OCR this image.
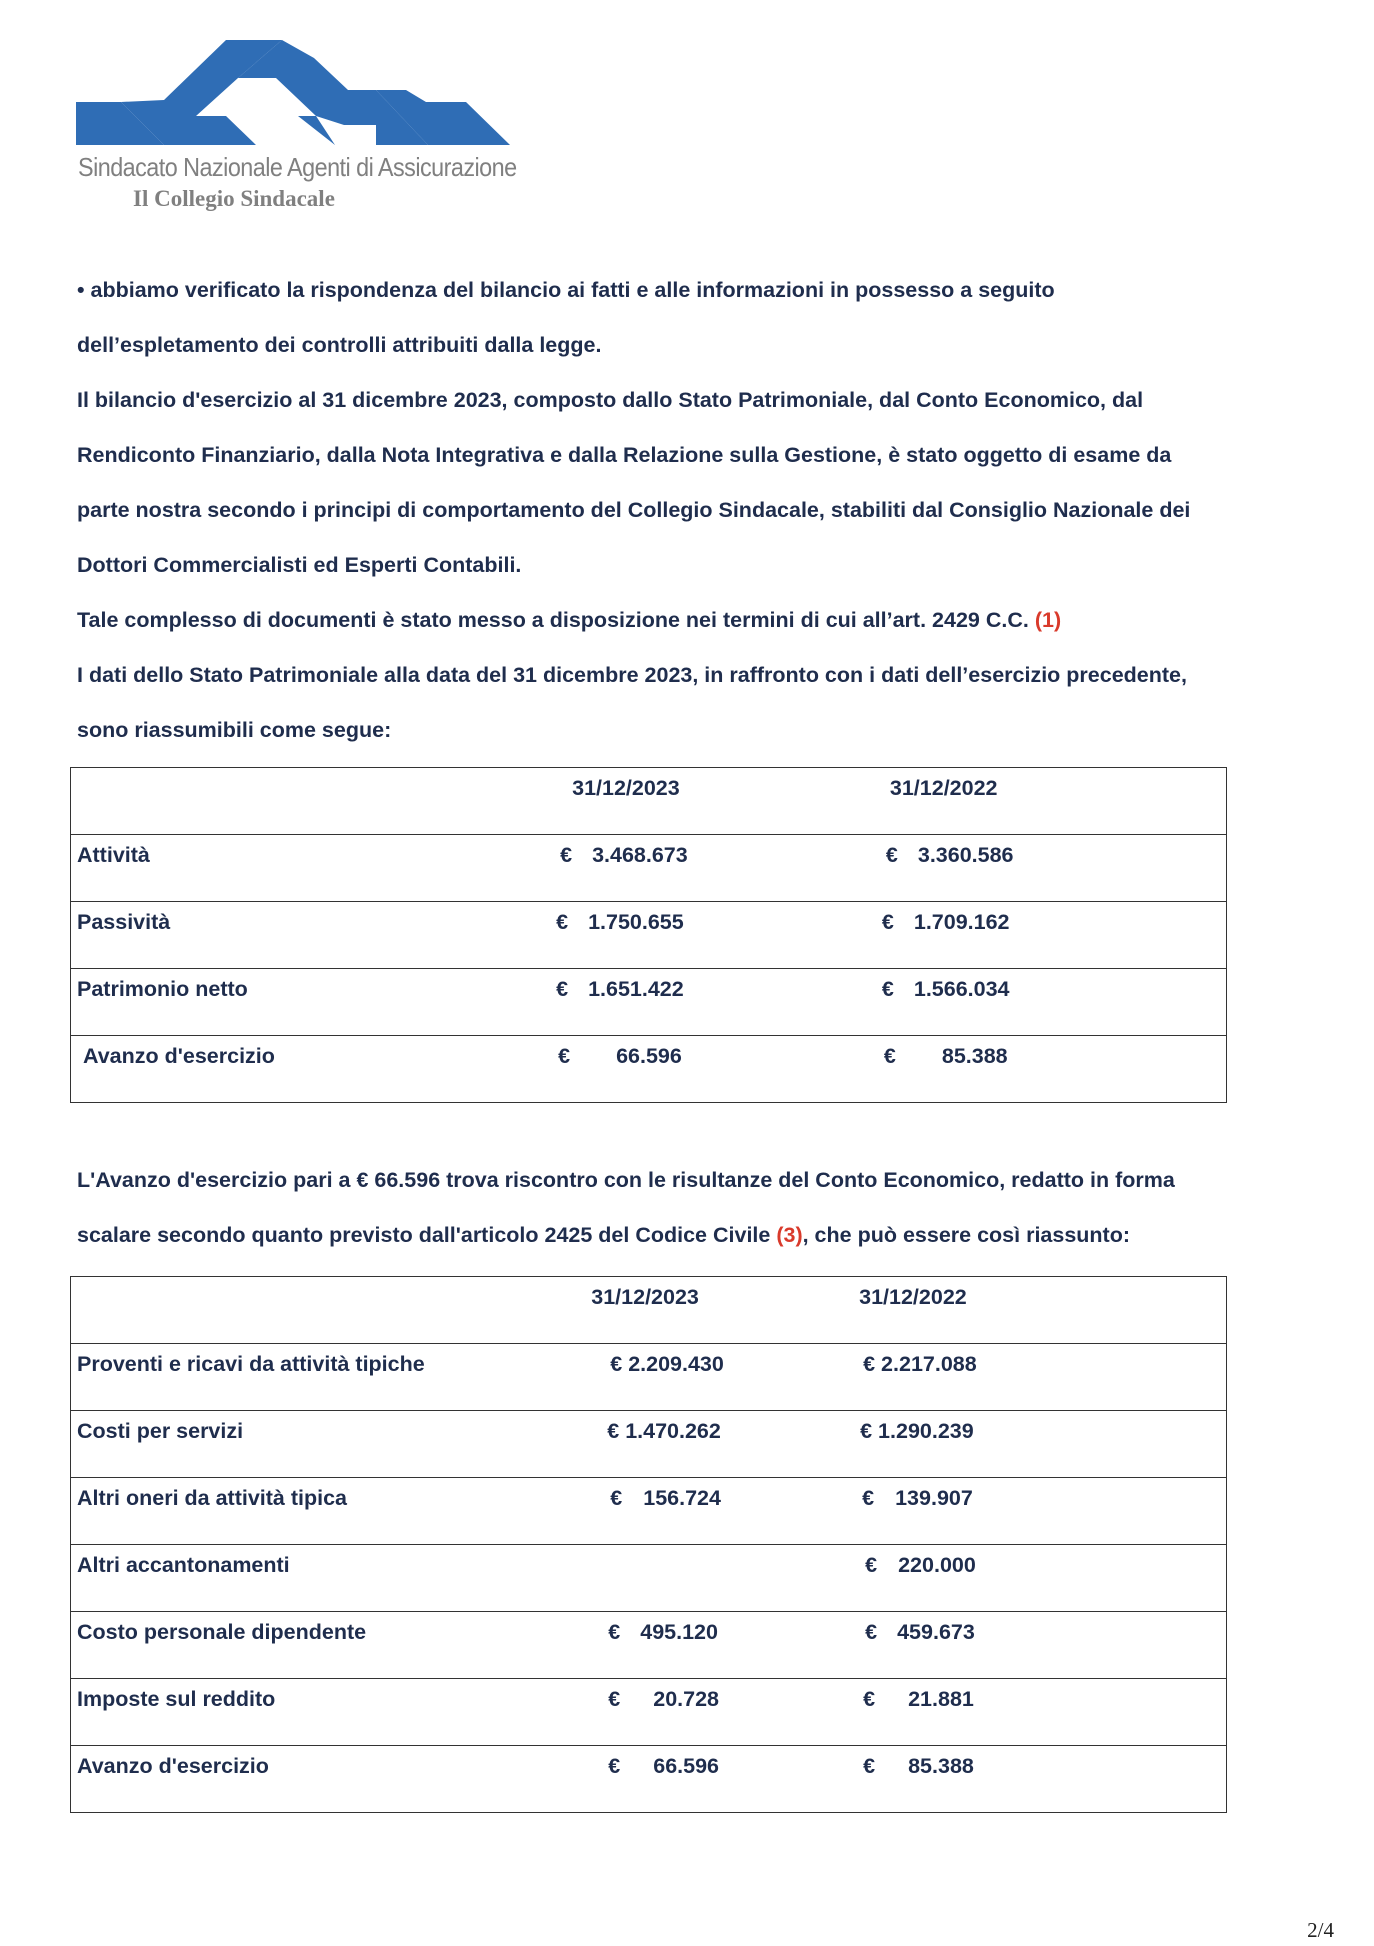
Sindacato Nazionale Agenti di Assicurazione
Il Collegio Sindacale

• abbiamo verificato la rispondenza del bilancio ai fatti e alle informazioni in possesso a seguito

dell’espletamento dei controlli attribuiti dalla legge.

Il bilancio d'esercizio al 31 dicembre 2023, composto dallo Stato Patrimoniale, dal Conto Economico, dal

Rendiconto Finanziario, dalla Nota Integrativa e dalla Relazione sulla Gestione, è stato oggetto di esame da

parte nostra secondo i principi di comportamento del Collegio Sindacale, stabiliti dal Consiglio Nazionale dei

Dottori Commercialisti ed Esperti Contabili.

Tale complesso di documenti è stato messo a disposizione nei termini di cui all’art. 2429 C.C. (1)

I dati dello Stato Patrimoniale alla data del 31 dicembre 2023, in raffronto con i dati dell’esercizio precedente,

sono riassumibili come segue:

	31/12/2023	31/12/2022
Attività	€ 3.468.673	€ 3.360.586
Passività	€ 1.750.655	€ 1.709.162
Patrimonio netto	€ 1.651.422	€ 1.566.034
Avanzo d'esercizio	€ 66.596	€ 85.388

L'Avanzo d'esercizio pari a € 66.596 trova riscontro con le risultanze del Conto Economico, redatto in forma

scalare secondo quanto previsto dall'articolo 2425 del Codice Civile (3), che può essere così riassunto:

	31/12/2023	31/12/2022
Proventi e ricavi da attività tipiche	€ 2.209.430	€ 2.217.088
Costi per servizi	€ 1.470.262	€ 1.290.239
Altri oneri da attività tipica	€ 156.724	€ 139.907
Altri accantonamenti		€ 220.000
Costo personale dipendente	€ 495.120	€ 459.673
Imposte sul reddito	€ 20.728	€ 21.881
Avanzo d'esercizio	€ 66.596	€ 85.388
2/4
